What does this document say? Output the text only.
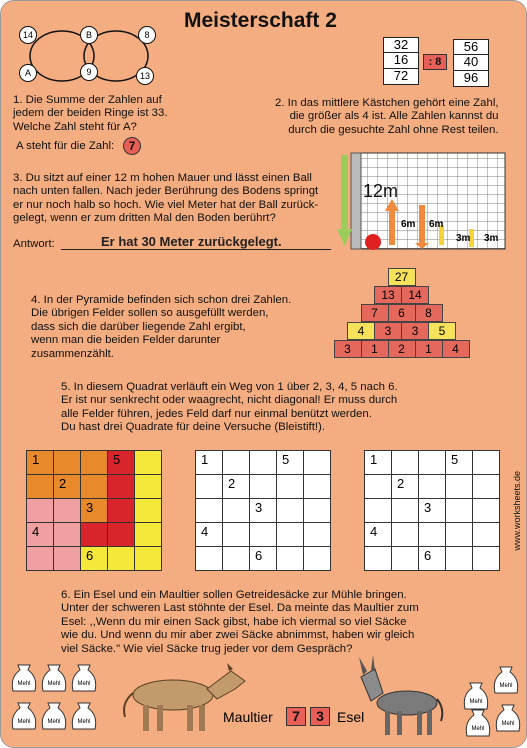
Meisterschaft 2
14	B	8
A	9	13
1. Die Summe der Zahlen auf
jedem der beiden Ringe ist 33.
Welche Zahl steht für A?
A steht für die Zahl:	7
32
16
72
: 8
56
40
96
2. In das mittlere Kästchen gehört eine Zahl,
die größer als 4 ist. Alle Zahlen kannst du
durch die gesuchte Zahl ohne Rest teilen.
3. Du sitzt auf einer 12 m hohen Mauer und lässt einen Ball
nach unten fallen. Nach jeder Berührung des Bodens springt
er nur noch halb so hoch. Wie viel Meter hat der Ball zurück-
gelegt, wenn er zum dritten Mal den Boden berührt?
Antwort:	Er hat 30 Meter zurückgelegt.
12m
6m 6m
3m 3m
4. In der Pyramide befinden sich schon drei Zahlen.
Die übrigen Felder sollen so ausgefüllt werden,
dass sich die darüber liegende Zahl ergibt,
wenn man die beiden Felder darunter
zusammenzählt.
27
13	14
7	6	8
4	3	3	5
3	1	2	1	4
5. In diesem Quadrat verläuft ein Weg von 1 über 2, 3, 4, 5 nach 6.
Er ist nur senkrecht oder waagrecht, nicht diagonal! Er muss durch
alle Felder führen, jedes Feld darf nur einmal benützt werden.
Du hast drei Quadrate für deine Versuche (Bleistift!).
1			5	

	2			

		3		

4				

		6		

1			5	

	2			

		3		

4				

		6		

1			5	

	2			

		3		

4				

		6		

6. Ein Esel und ein Maultier sollen Getreidesäcke zur Mühle bringen.
Unter der schweren Last stöhnte der Esel. Da meinte das Maultier zum
Esel: ,,Wenn du mir einen Sack gibst, habe ich viermal so viel Säcke
wie du. Und wenn du mir aber zwei Säcke abnimmst, haben wir gleich
viel Säcke." Wie viel Säcke trug jeder vor dem Gespräch?
Mehl	Mehl	Mehl
Mehl	Mehl	Mehl
Mehl
Mehl
Mehl
Mehl
Maultier	7	3 Esel
www.worksheets.de
